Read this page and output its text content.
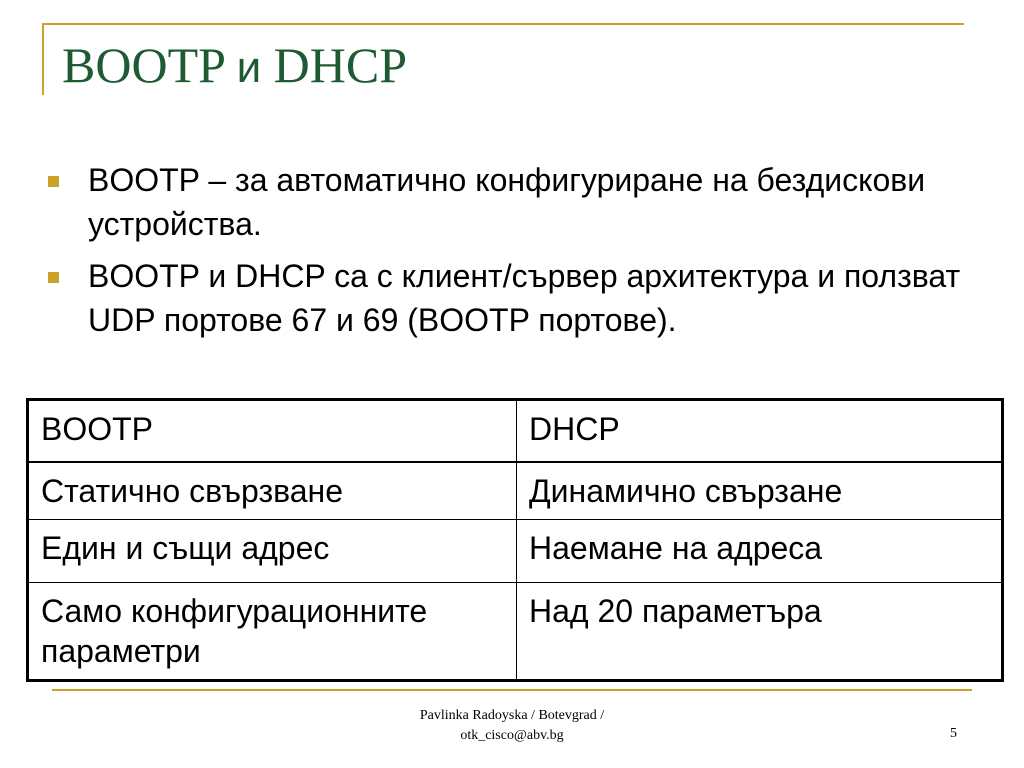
BOOTP и DHCP
BOOTP – за автоматично конфигуриране на бездискови устройства.
BOOTP и DHCP са с клиент/сървер архитектура и ползват UDP портове 67 и 69 (BOOTP портове).
BOOTP	DHCP
Статично свързване	Динамично свързане
Един и същи адрес	Наемане на адреса
Само конфигурационните параметри	Над 20 параметъра
Pavlinka Radoyska / Botevgrad /
otk_cisco@abv.bg	5
